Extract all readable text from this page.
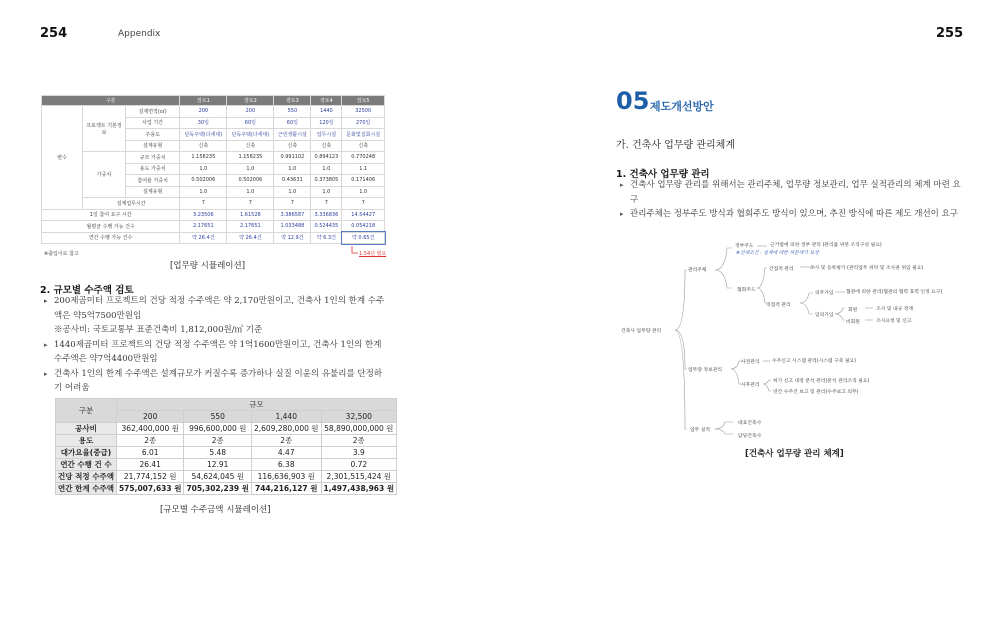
254	Appendix	255
구분			검토1	검토2	검토3	검토4	검토5
변수	프로젝트 기본정보	설계면적(㎡)	200	200	550	1440	32500
		사업 기간	30일	60일	60일	120일	270일
		주용도	단독주택(다세대)	단독주택(다세대)	근린생활시설	업무시설	문화및집회시설
		설계유형	신축	신축	신축	신축	신축
	가중치	규모 가중치	1.158235	1.158235	0.991102	0.894123	0.770248
		용도 가중치	1.0	1.0	1.0	1.0	1.1
		참여율 가중치	0.502006	0.502006	0.43631	0.373805	0.171406
		설계유형	1.0	1.0	1.0	1.0	1.0
	설계업무시간		7	7	7	7	7
1일 참여 요구 시간			3.23506	1.61528	3.386587	3.336836	14.54427
월평균 수행 가능 건수			2.17651	2.17651	1.033488	0.524435	0.054218
연간 수행 가능 건수			약 26.4건	약 26.4건	약 12.9건	약 6.3건	약 0.65건
※출입이로 참고	1.54년 필요
[업무량 시뮬레이션]
2. 규모별 수주액 검토
▸ 200제곱미터 프로젝트의 건당 적정 수주액은 약 2,170만원이고, 건축사 1인의 한계 수주액은 약5억7500만원임
※공사비: 국토교통부 표준건축비 1,812,000원/㎡ 기준
▸ 1440제곱미터 프로젝트의 건당 적정 수주액은 약 1억1600만원이고, 건축사 1인의 한계 수주액은 약7억4400만원임
▸ 건축사 1인의 한계 수주액은 설계규모가 커질수록 증가하나 실질 이윤의 유불리를 단정하기 어려움
구분	규모			
	200	550	1,440	32,500
공사비	362,400,000 원	996,600,000 원	2,609,280,000 원	58,890,000,000 원
용도	2종	2종	2종	2종
대가요율(중급)	6.01	5.48	4.47	3.9
연간 수행 건 수	26.41	12.91	6.38	0.72
건당 적정 수주액	21,774,152 원	54,624,045 원	116,636,903 원	2,301,515,424 원
연간 한계 수주액	575,007,633 원	705,302,239 원	744,216,127 원	1,497,438,963 원
[규모별 수주금액 시뮬레이션]
05 제도개선방안
가. 건축사 업무량 관리체계
1. 건축사 업무량 관리
▸ 건축사 업무량 관리를 위해서는 관리주체, 업무량 정보관리, 업무 실적관리의 체계 마련 요구
▸ 관리주체는 정부주도 방식과 협회주도 방식이 있으며, 추진 방식에 따른 제도 개선이 요구
건축사 업무량 관리
관리주체
정부주도	근거법에 의한 정부 관리 (관리를 위한 조직구성 필요)
※전제조건 : 설계에 대한 허분대가 보장
협회주도
간접적 관리	조사 및 등록평가 (관리업무 위탁 및 조사권 위임 필요)
직접적 관리
의무가입	협관에 의한 관리(협관의 협력 효력 인정 요구)
임의가입
회원	조사 및 내규 정계
비회원	조사요청 및 신고
업무량 정보관리
사전관리	수주신고 시스템 관리(시스템 구축 필요)
사후관리
허가 신고 대장 분석 관리(분석 관리조직 필요)
연간 수주건 보고 및 관리(수주보고 의무)
업무 실적
대표건축사
담당건축사
[건축사 업무량 관리 체계]
